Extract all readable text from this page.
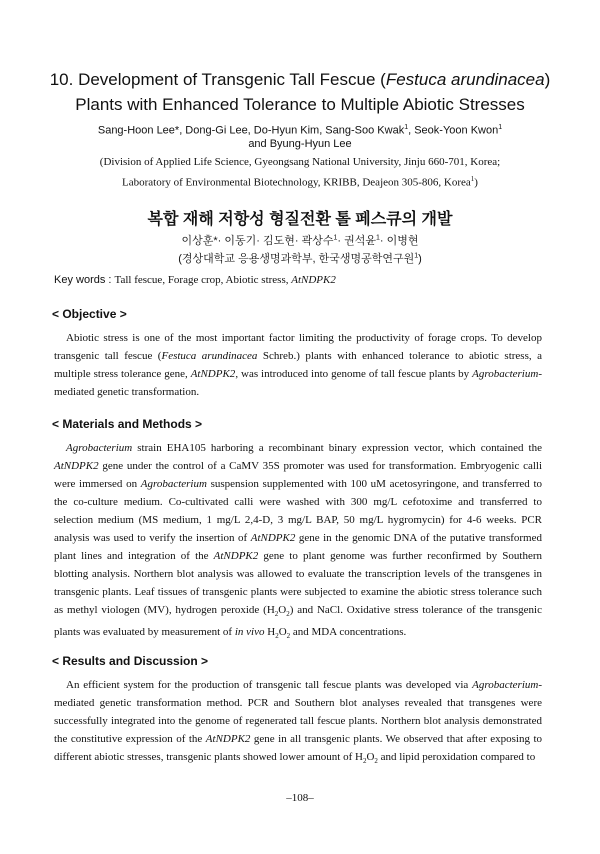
10. Development of Transgenic Tall Fescue (Festuca arundinacea)
Plants with Enhanced Tolerance to Multiple Abiotic Stresses
Sang-Hoon Lee*, Dong-Gi Lee, Do-Hyun Kim, Sang-Soo Kwak$^1$, Seok-Yoon Kwon$^1$
and Byung-Hyun Lee
(Division of Applied Life Science, Gyeongsang National University, Jinju 660-701, Korea;
Laboratory of Environmental Biotechnology, KRIBB, Deajeon 305-806, Korea$^1$)
복합 재해 저항성 형질전환 톨 페스큐의 개발
이상훈*· 이동기· 김도현· 곽상수$^1$· 권석윤$^1$· 이병현
(경상대학교 응용생명과학부, 한국생명공학연구원$^1$)
Key words : Tall fescue, Forage crop, Abiotic stress, AtNDPK2
< Objective >

Abiotic stress is one of the most important factor limiting the productivity of forage crops. To develop transgenic tall fescue (Festuca arundinacea Schreb.) plants with enhanced tolerance to abiotic stress, a multiple stress tolerance gene, AtNDPK2, was introduced into genome of tall fescue plants by Agrobacterium-mediated genetic transformation.

< Materials and Methods >

Agrobacterium strain EHA105 harboring a recombinant binary expression vector, which contained the AtNDPK2 gene under the control of a CaMV 35S promoter was used for transformation. Embryogenic calli were immersed on Agrobacterium suspension supplemented with 100 uM acetosyringone, and transferred to the co-culture medium. Co-cultivated calli were washed with 300 mg/L cefotoxime and transferred to selection medium (MS medium, 1 mg/L 2,4-D, 3 mg/L BAP, 50 mg/L hygromycin) for 4-6 weeks. PCR analysis was used to verify the insertion of AtNDPK2 gene in the genomic DNA of the putative transformed plant lines and integration of the AtNDPK2 gene to plant genome was further reconfirmed by Southern blotting analysis. Northern blot analysis was allowed to evaluate the transcription levels of the transgenes in transgenic plants. Leaf tissues of transgenic plants were subjected to examine the abiotic stress tolerance such as methyl viologen (MV), hydrogen peroxide $(H_2O_2)$ and NaCl. Oxidative stress tolerance of the transgenic plants was evaluated by measurement of in vivo $H_2O_2$ and MDA concentrations.

< Results and Discussion >

An efficient system for the production of transgenic tall fescue plants was developed via Agrobacterium-mediated genetic transformation method. PCR and Southern blot analyses revealed that transgenes were successfully integrated into the genome of regenerated tall fescue plants. Northern blot analysis demonstrated the constitutive expression of the AtNDPK2 gene in all transgenic plants. We observed that after exposing to different abiotic stresses, transgenic plants showed lower amount of $H_2O_2$ and lipid peroxidation compared to

–108–
